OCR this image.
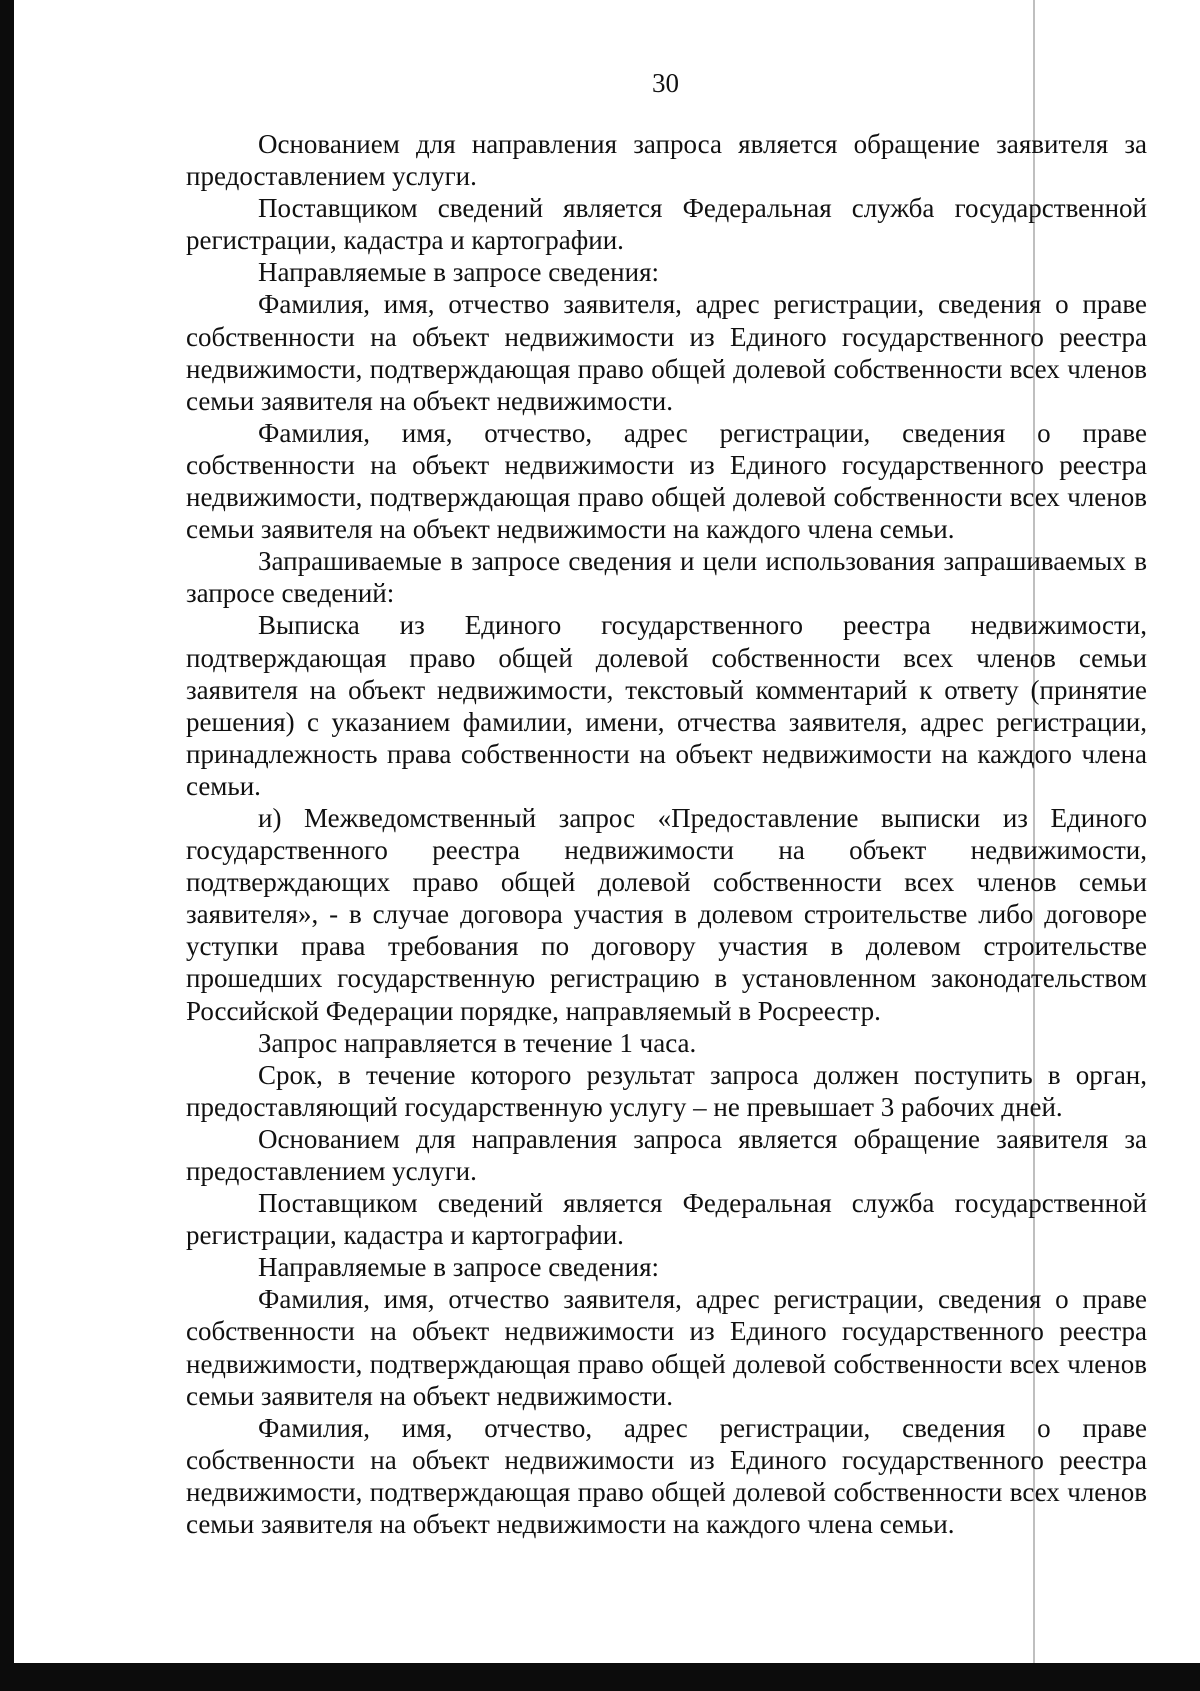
30

Основанием для направления запроса является обращение заявителя за предоставлением услуги.

Поставщиком сведений является Федеральная служба государственной регистрации, кадастра и картографии.

Направляемые в запросе сведения:

Фамилия, имя, отчество заявителя, адрес регистрации, сведения о праве собственности на объект недвижимости из Единого государственного реестра недвижимости, подтверждающая право общей долевой собственности всех членов семьи заявителя на объект недвижимости.

Фамилия, имя, отчество, адрес регистрации, сведения о праве собственности на объект недвижимости из Единого государственного реестра недвижимости, подтверждающая право общей долевой собственности всех членов семьи заявителя на объект недвижимости на каждого члена семьи.

Запрашиваемые в запросе сведения и цели использования запрашиваемых в запросе сведений:

Выписка из Единого государственного реестра недвижимости, подтверждающая право общей долевой собственности всех членов семьи заявителя на объект недвижимости, текстовый комментарий к ответу (принятие решения) с указанием фамилии, имени, отчества заявителя, адрес регистрации, принадлежность права собственности на объект недвижимости на каждого члена семьи.

и) Межведомственный запрос «Предоставление выписки из Единого государственного реестра недвижимости на объект недвижимости, подтверждающих право общей долевой собственности всех членов семьи заявителя», - в случае договора участия в долевом строительстве либо договоре уступки права требования по договору участия в долевом строительстве прошедших государственную регистрацию в установленном законодательством Российской Федерации порядке, направляемый в Росреестр.

Запрос направляется в течение 1 часа.

Срок, в течение которого результат запроса должен поступить в орган, предоставляющий государственную услугу – не превышает 3 рабочих дней.

Основанием для направления запроса является обращение заявителя за предоставлением услуги.

Поставщиком сведений является Федеральная служба государственной регистрации, кадастра и картографии.

Направляемые в запросе сведения:

Фамилия, имя, отчество заявителя, адрес регистрации, сведения о праве собственности на объект недвижимости из Единого государственного реестра недвижимости, подтверждающая право общей долевой собственности всех членов семьи заявителя на объект недвижимости.

Фамилия, имя, отчество, адрес регистрации, сведения о праве собственности на объект недвижимости из Единого государственного реестра недвижимости, подтверждающая право общей долевой собственности всех членов семьи заявителя на объект недвижимости на каждого члена семьи.
